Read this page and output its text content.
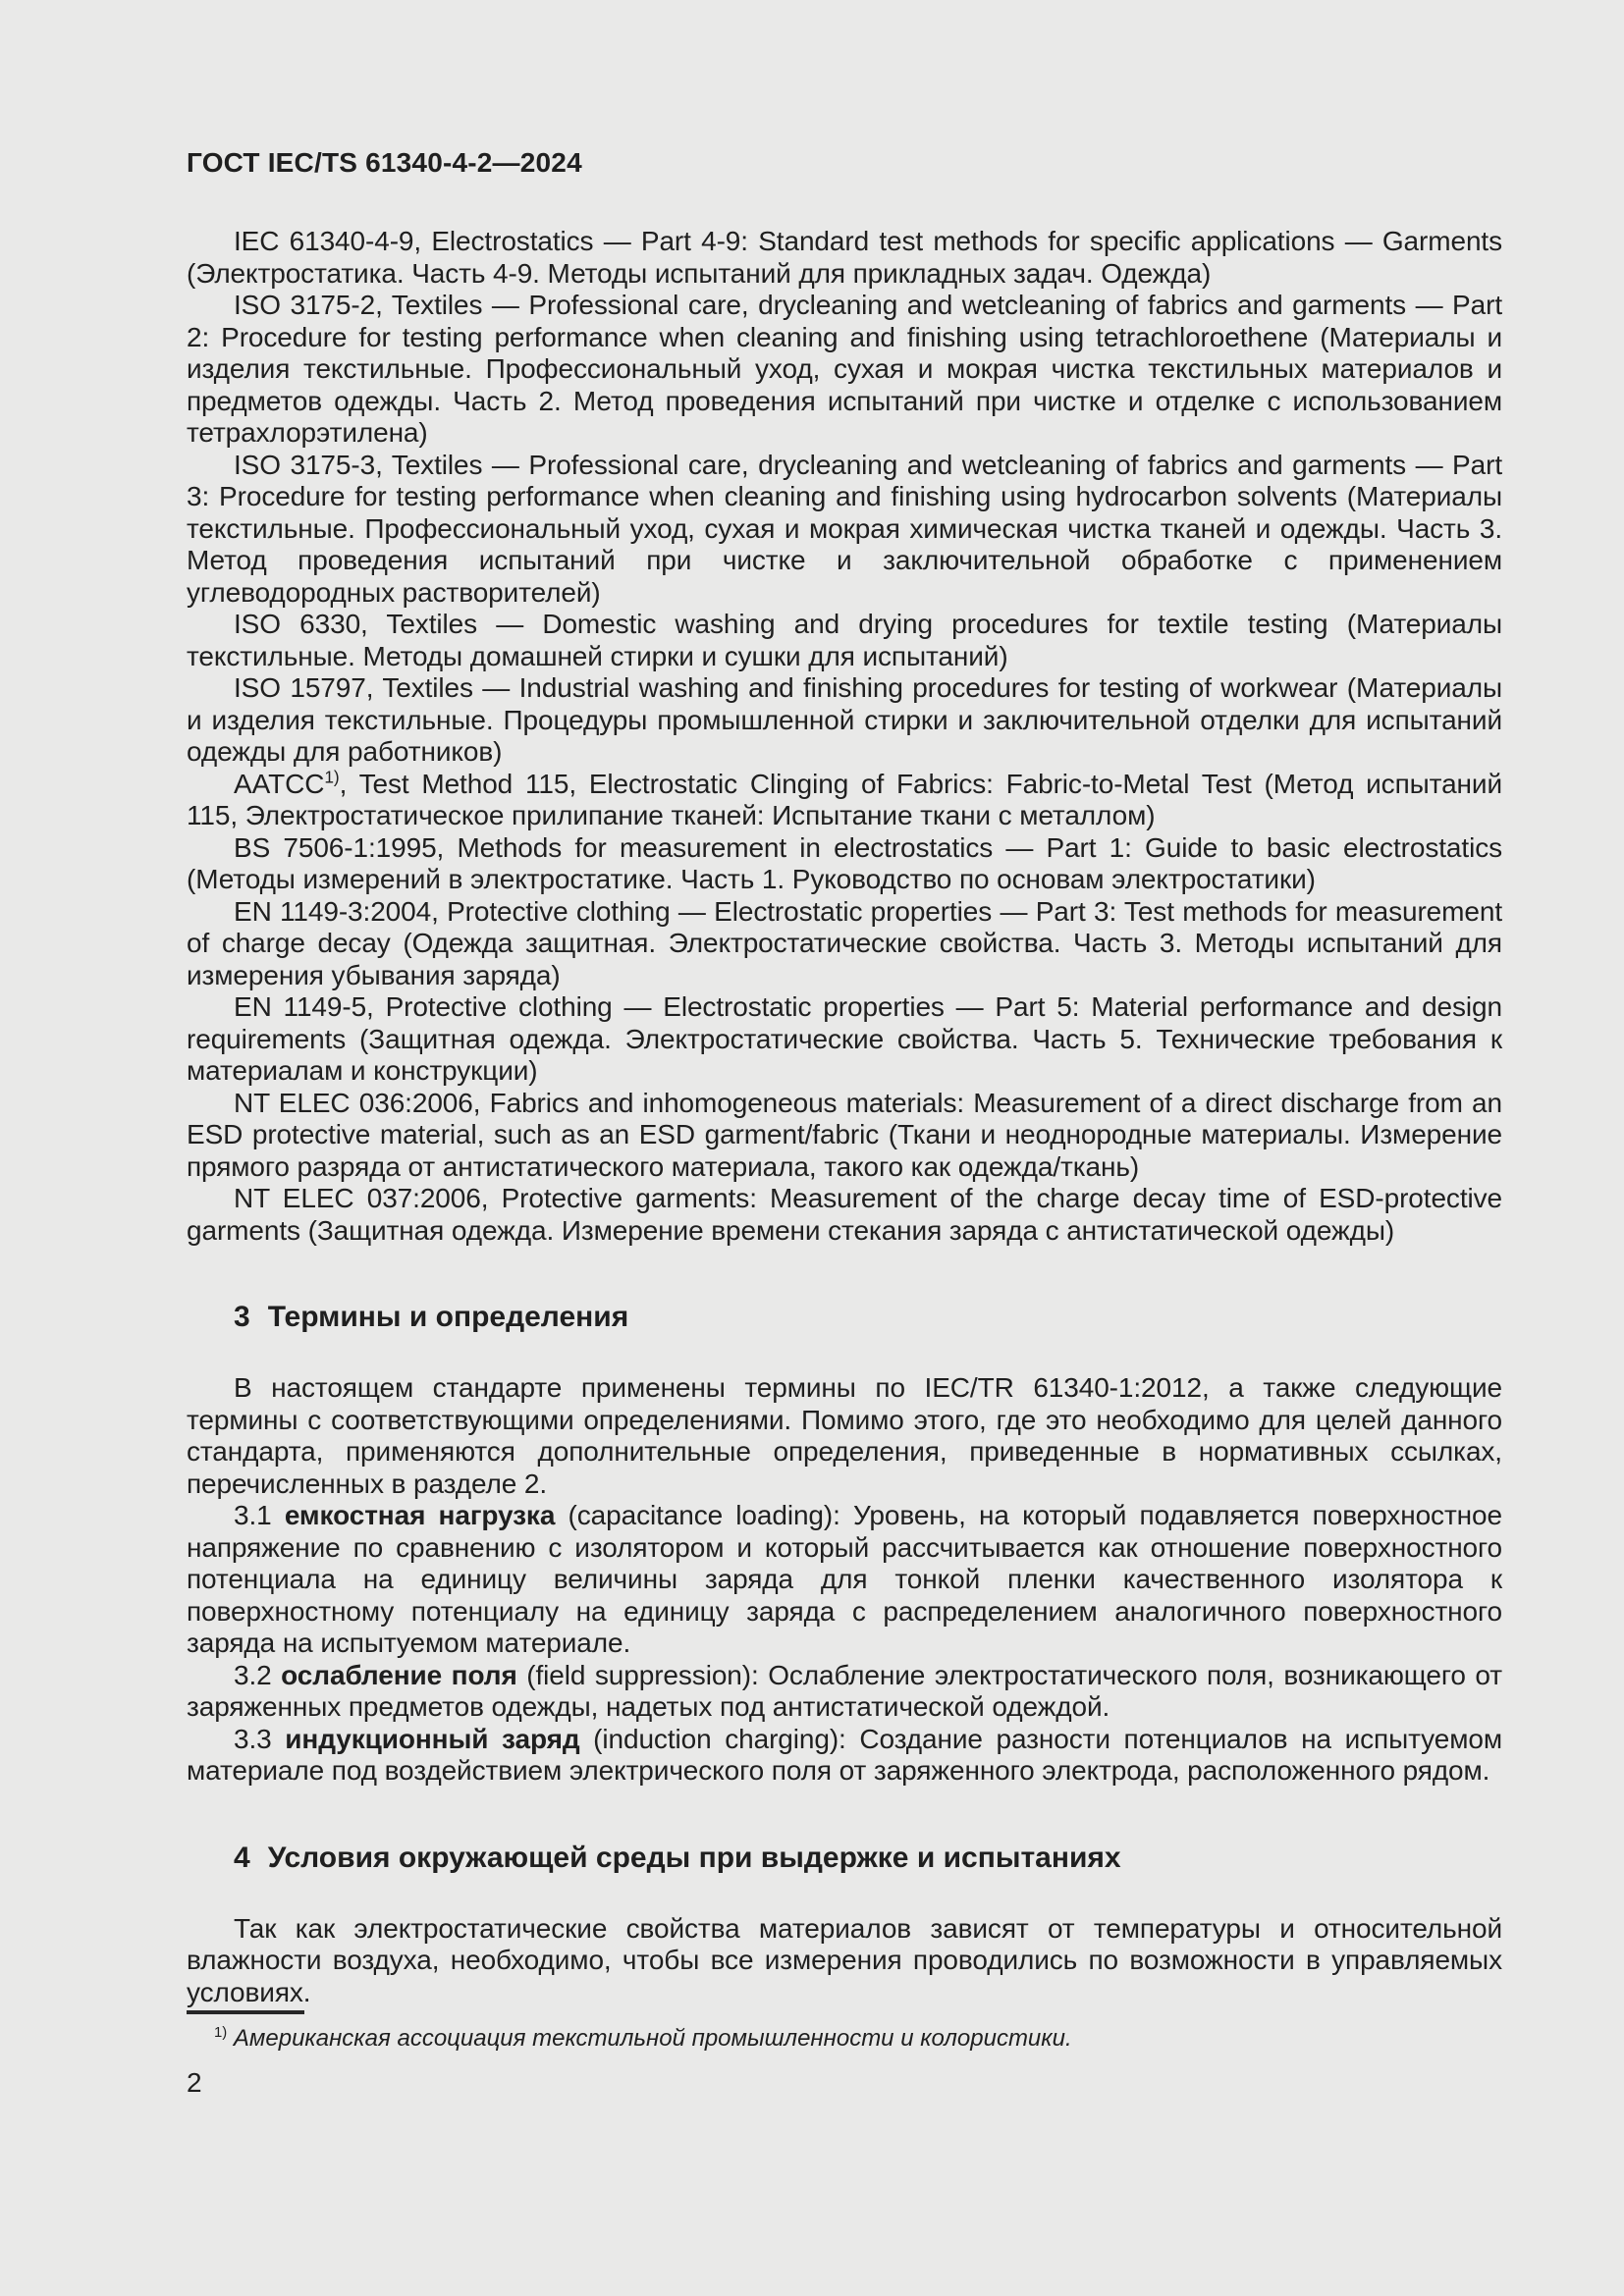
ГОСТ IEC/TS 61340-4-2—2024

IEC 61340-4-9, Electrostatics — Part 4-9: Standard test methods for specific applications — Garments (Электростатика. Часть 4-9. Методы испытаний для прикладных задач. Одежда)

ISO 3175-2, Textiles — Professional care, drycleaning and wetcleaning of fabrics and garments — Part 2: Procedure for testing performance when cleaning and finishing using tetrachloroethene (Материалы и изделия текстильные. Профессиональный уход, сухая и мокрая чистка текстильных материалов и предметов одежды. Часть 2. Метод проведения испытаний при чистке и отделке с использованием тетрахлорэтилена)

ISO 3175-3, Textiles — Professional care, drycleaning and wetcleaning of fabrics and garments — Part 3: Procedure for testing performance when cleaning and finishing using hydrocarbon solvents (Материалы текстильные. Профессиональный уход, сухая и мокрая химическая чистка тканей и одежды. Часть 3. Метод проведения испытаний при чистке и заключительной обработке с применением углеводородных растворителей)

ISO 6330, Textiles — Domestic washing and drying procedures for textile testing (Материалы текстильные. Методы домашней стирки и сушки для испытаний)

ISO 15797, Textiles — Industrial washing and finishing procedures for testing of workwear (Материалы и изделия текстильные. Процедуры промышленной стирки и заключительной отделки для испытаний одежды для работников)

AATCC$^{1)}$, Test Method 115, Electrostatic Clinging of Fabrics: Fabric-to-Metal Test (Метод испытаний 115, Электростатическое прилипание тканей: Испытание ткани с металлом)

BS 7506-1:1995, Methods for measurement in electrostatics — Part 1: Guide to basic electrostatics (Методы измерений в электростатике. Часть 1. Руководство по основам электростатики)

EN 1149-3:2004, Protective clothing — Electrostatic properties — Part 3: Test methods for measurement of charge decay (Одежда защитная. Электростатические свойства. Часть 3. Методы испытаний для измерения убывания заряда)

EN 1149-5, Protective clothing — Electrostatic properties — Part 5: Material performance and design requirements (Защитная одежда. Электростатические свойства. Часть 5. Технические требования к материалам и конструкции)

NT ELEC 036:2006, Fabrics and inhomogeneous materials: Measurement of a direct discharge from an ESD protective material, such as an ESD garment/fabric (Ткани и неоднородные материалы. Измерение прямого разряда от антистатического материала, такого как одежда/ткань)

NT ELEC 037:2006, Protective garments: Measurement of the charge decay time of ESD-protective garments (Защитная одежда. Измерение времени стекания заряда с антистатической одежды)

3 Термины и определения

В настоящем стандарте применены термины по IEC/TR 61340-1:2012, а также следующие термины с соответствующими определениями. Помимо этого, где это необходимо для целей данного стандарта, применяются дополнительные определения, приведенные в нормативных ссылках, перечисленных в разделе 2.

3.1 емкостная нагрузка (capacitance loading): Уровень, на который подавляется поверхностное напряжение по сравнению с изолятором и который рассчитывается как отношение поверхностного потенциала на единицу величины заряда для тонкой пленки качественного изолятора к поверхностному потенциалу на единицу заряда с распределением аналогичного поверхностного заряда на испытуемом материале.

3.2 ослабление поля (field suppression): Ослабление электростатического поля, возникающего от заряженных предметов одежды, надетых под антистатической одеждой.

3.3 индукционный заряд (induction charging): Создание разности потенциалов на испытуемом материале под воздействием электрического поля от заряженного электрода, расположенного рядом.

4 Условия окружающей среды при выдержке и испытаниях

Так как электростатические свойства материалов зависят от температуры и относительной влажности воздуха, необходимо, чтобы все измерения проводились по возможности в управляемых условиях.

$^{1)}$ Американская ассоциация текстильной промышленности и колористики.
2
